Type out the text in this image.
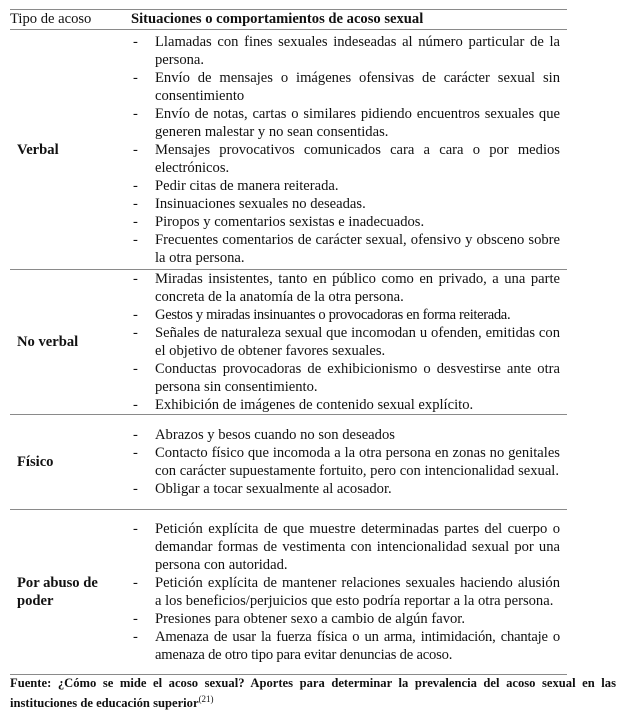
Tipo de acoso	Situaciones o comportamientos de acoso sexual
Verbal
-	Llamadas con fines sexuales indeseadas al número particular de la persona.
-	Envío de mensajes o imágenes ofensivas de carácter sexual sin consentimiento
-	Envío de notas, cartas o similares pidiendo encuentros sexuales que generen malestar y no sean consentidas.
-	Mensajes provocativos comunicados cara a cara o por medios electrónicos.
-	Pedir citas de manera reiterada.
-	Insinuaciones sexuales no deseadas.
-	Piropos y comentarios sexistas e inadecuados.
-	Frecuentes comentarios de carácter sexual, ofensivo y obsceno sobre la otra persona.
No verbal
-	Miradas insistentes, tanto en público como en privado, a una parte concreta de la anatomía de la otra persona.
-	Gestos y miradas insinuantes o provocadoras en forma reiterada.
-	Señales de naturaleza sexual que incomodan u ofenden, emitidas con el objetivo de obtener favores sexuales.
-	Conductas provocadoras de exhibicionismo o desvestirse ante otra persona sin consentimiento.
-	Exhibición de imágenes de contenido sexual explícito.
Físico
-	Abrazos y besos cuando no son deseados
-	Contacto físico que incomoda a la otra persona en zonas no genitales con carácter supuestamente fortuito, pero con intencionalidad sexual.
-	Obligar a tocar sexualmente al acosador.
Por abuso de poder
-	Petición explícita de que muestre determinadas partes del cuerpo o demandar formas de vestimenta con intencionalidad sexual por una persona con autoridad.
-	Petición explícita de mantener relaciones sexuales haciendo alusión a los beneficios/perjuicios que esto podría reportar a la otra persona.
-	Presiones para obtener sexo a cambio de algún favor.
-	Amenaza de usar la fuerza física o un arma, intimidación, chantaje o amenaza de otro tipo para evitar denuncias de acoso.
Fuente: ¿Cómo se mide el acoso sexual? Aportes para determinar la prevalencia del acoso sexual en las instituciones de educación superior$^{(21)}$
